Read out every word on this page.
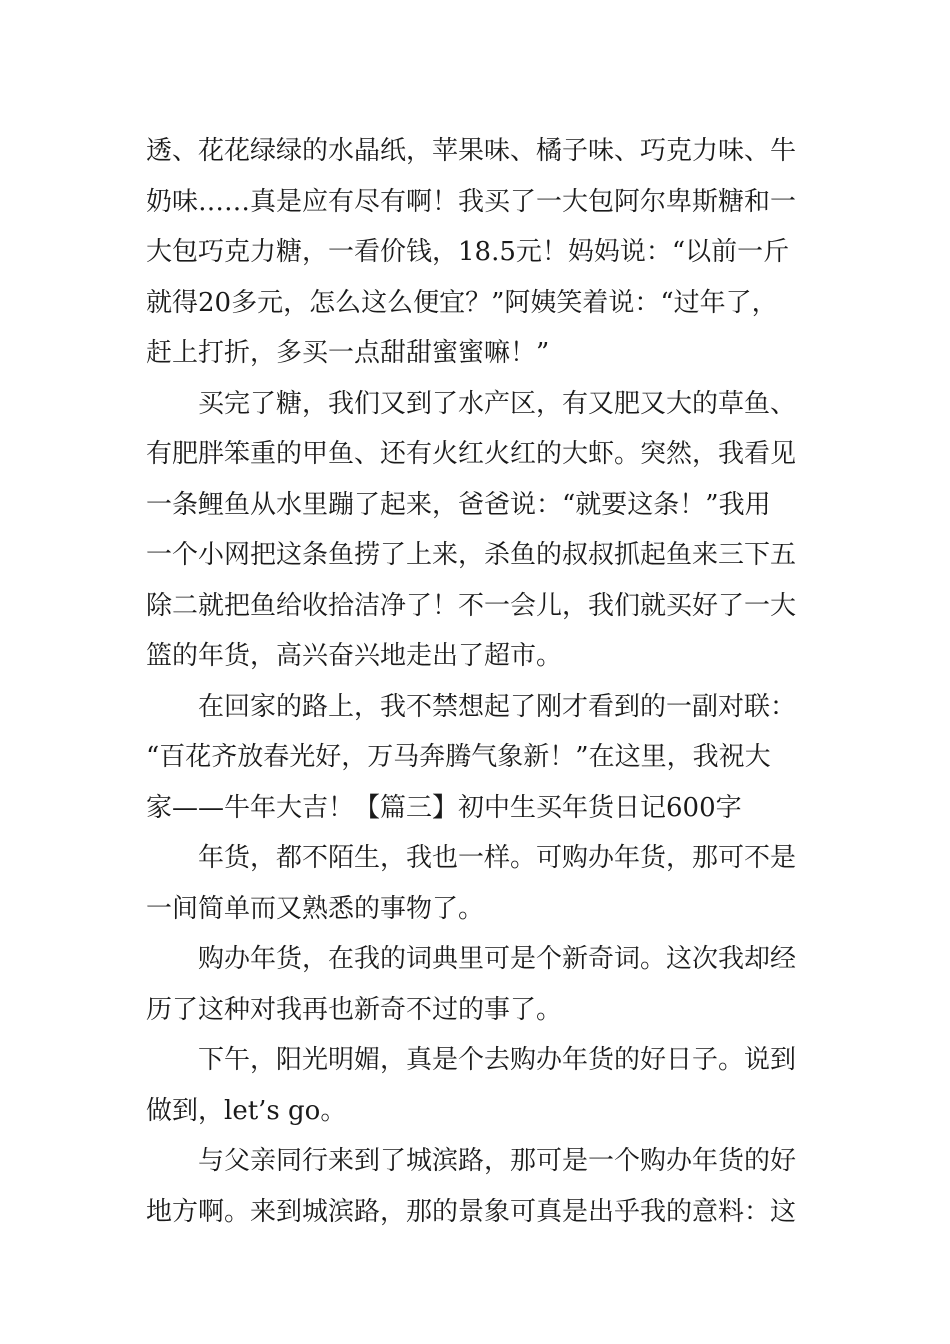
透、花花绿绿的水晶纸，苹果味、橘子味、巧克力味、牛
奶味……真是应有尽有啊！我买了一大包阿尔卑斯糖和一
大包巧克力糖，一看价钱，18.5元！妈妈说：“以前一斤
就得20多元，怎么这么便宜？”阿姨笑着说：“过年了，
赶上打折，多买一点甜甜蜜蜜嘛！”
买完了糖，我们又到了水产区，有又肥又大的草鱼、
有肥胖笨重的甲鱼、还有火红火红的大虾。突然，我看见
一条鲤鱼从水里蹦了起来，爸爸说：“就要这条！”我用
一个小网把这条鱼捞了上来，杀鱼的叔叔抓起鱼来三下五
除二就把鱼给收拾洁净了！不一会儿，我们就买好了一大
篮的年货，高兴奋兴地走出了超市。
在回家的路上，我不禁想起了刚才看到的一副对联：
“百花齐放春光好，万马奔腾气象新！”在这里，我祝大
家——牛年大吉！【篇三】初中生买年货日记600字
年货，都不陌生，我也一样。可购办年货，那可不是
一间简单而又熟悉的事物了。
购办年货，在我的词典里可是个新奇词。这次我却经
历了这种对我再也新奇不过的事了。
下午，阳光明媚，真是个去购办年货的好日子。说到
做到，let’s go。
与父亲同行来到了城滨路，那可是一个购办年货的好
地方啊。来到城滨路，那的景象可真是出乎我的意料：这
